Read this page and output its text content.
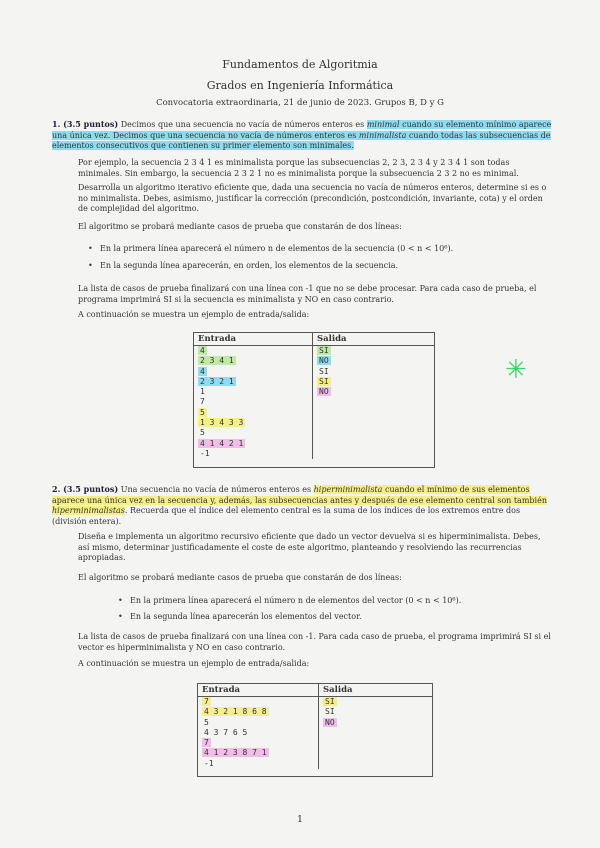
Fundamentos de Algoritmia
Grados en Ingeniería Informática
Convocatoria extraordinaria, 21 de junio de 2023. Grupos B, D y G
1. (3.5 puntos) Decimos que una secuencia no vacía de números enteros es minimal cuando su elemento mínimo aparece una única vez. Decimos que una secuencia no vacía de números enteros es minimalista cuando todas las subsecuencias de elementos consecutivos que contienen su primer elemento son minimales.
Por ejemplo, la secuencia 2 3 4 1 es minimalista porque las subsecuencias 2, 2 3, 2 3 4 y 2 3 4 1 son todas minimales. Sin embargo, la secuencia 2 3 2 1 no es minimalista porque la subsecuencia 2 3 2 no es minimal.
Desarrolla un algoritmo iterativo eficiente que, dada una secuencia no vacía de números enteros, determine si es o no minimalista. Debes, asimismo, justificar la corrección (precondición, postcondición, invariante, cota) y el orden de complejidad del algoritmo.
El algoritmo se probará mediante casos de prueba que constarán de dos líneas:
• En la primera línea aparecerá el número n de elementos de la secuencia (0 < n < 10⁶).
• En la segunda línea aparecerán, en orden, los elementos de la secuencia.
La lista de casos de prueba finalizará con una línea con -1 que no se debe procesar. Para cada caso de prueba, el programa imprimirá SI si la secuencia es minimalista y NO en caso contrario.
A continuación se muestra un ejemplo de entrada/salida:
Entrada	Salida
4	SI
2 3 4 1	NO
4	SI
2 3 2 1	SI
1	NO
7	
5	
1 3 4 3 3	
5	
4 1 4 2 1	
-1	
✳
2. (3.5 puntos) Una secuencia no vacía de números enteros es hiperminimalista cuando el mínimo de sus elementos aparece una única vez en la secuencia y, además, las subsecuencias antes y después de ese elemento central son también hiperminimalistas. Recuerda que el índice del elemento central es la suma de los índices de los extremos entre dos (división entera).
Diseña e implementa un algoritmo recursivo eficiente que dado un vector devuelva si es hiperminimalista. Debes, así mismo, determinar justificadamente el coste de este algoritmo, planteando y resolviendo las recurrencias apropiadas.
El algoritmo se probará mediante casos de prueba que constarán de dos líneas:
• En la primera línea aparecerá el número n de elementos del vector (0 < n < 10⁶).
• En la segunda línea aparecerán los elementos del vector.
La lista de casos de prueba finalizará con una línea con -1. Para cada caso de prueba, el programa imprimirá SI si el vector es hiperminimalista y NO en caso contrario.
A continuación se muestra un ejemplo de entrada/salida:
Entrada	Salida
7	SI
4 3 2 1 8 6 8	SI
5	NO
4 3 7 6 5	
7	
4 1 2 3 8 7 1	
-1	
1
